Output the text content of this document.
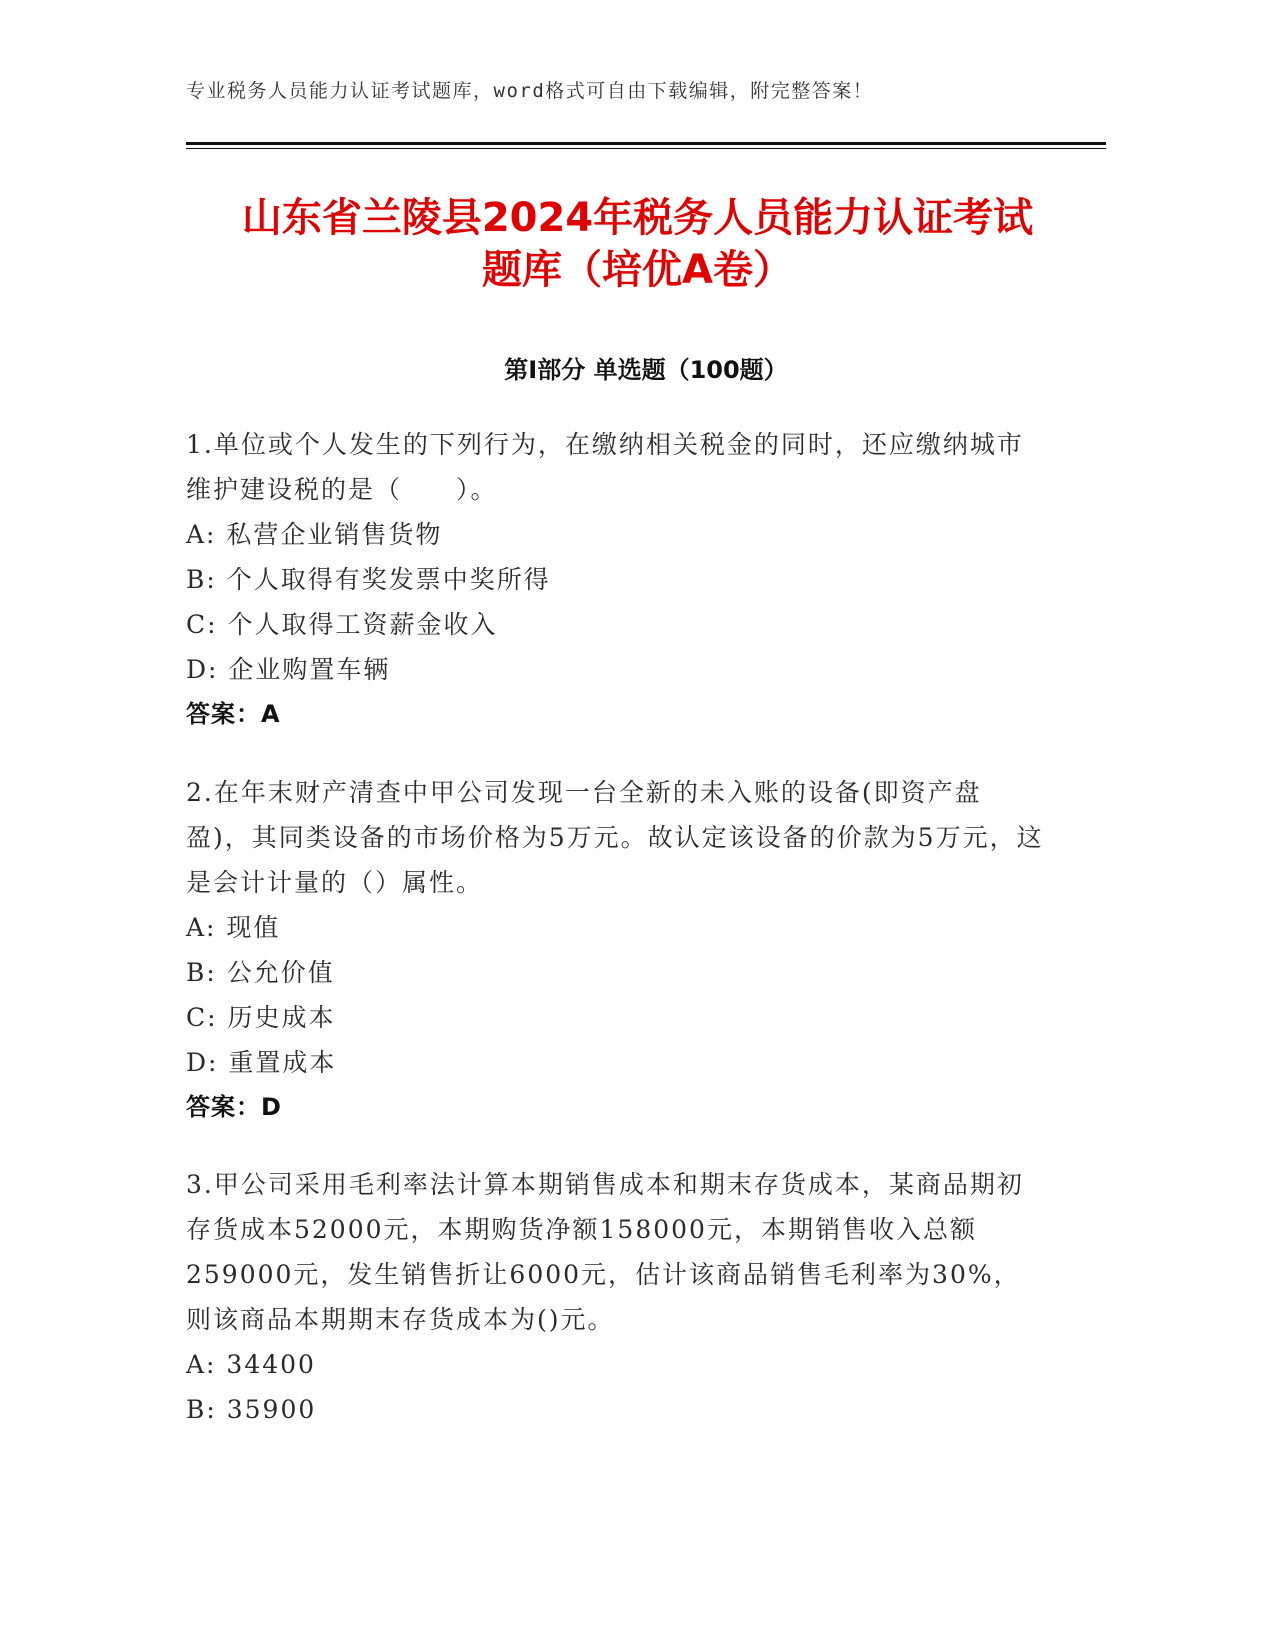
专业税务人员能力认证考试题库，word格式可自由下载编辑，附完整答案！
山东省兰陵县2024年税务人员能力认证考试
题库（培优A卷）
第Ⅰ部分 单选题（100题）

1.单位或个人发生的下列行为，在缴纳相关税金的同时，还应缴纳城市维护建设税的是（　　）。

A: 私营企业销售货物

B: 个人取得有奖发票中奖所得

C: 个人取得工资薪金收入

D: 企业购置车辆

答案：A

2.在年末财产清查中甲公司发现一台全新的未入账的设备(即资产盘盈)，其同类设备的市场价格为5万元。故认定该设备的价款为5万元，这是会计计量的（）属性。

A: 现值

B: 公允价值

C: 历史成本

D: 重置成本

答案：D

3.甲公司采用毛利率法计算本期销售成本和期末存货成本，某商品期初存货成本52000元，本期购货净额158000元，本期销售收入总额259000元，发生销售折让6000元，估计该商品销售毛利率为30%，则该商品本期期末存货成本为()元。

A: 34400

B: 35900
